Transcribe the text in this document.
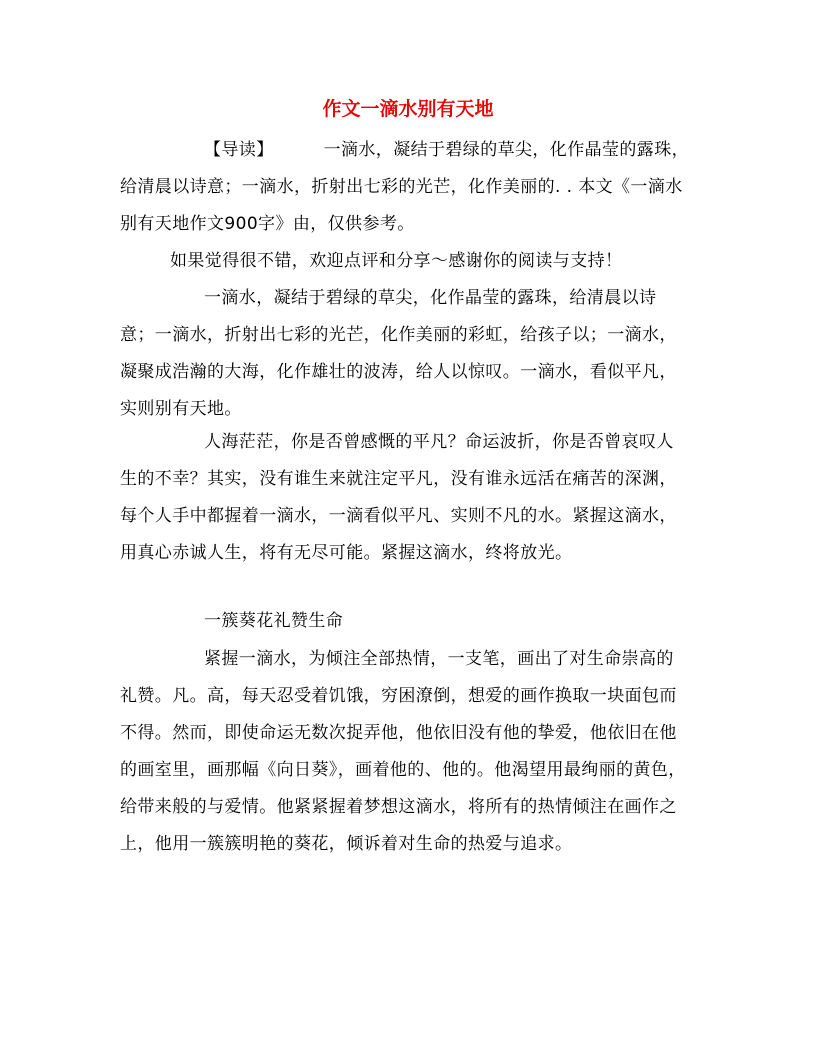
作文一滴水别有天地
【导读】	一滴水，凝结于碧绿的草尖，化作晶莹的露珠，给清晨以诗意；一滴水，折射出七彩的光芒，化作美丽的. . 本文《一滴水别有天地作文900字》由，仅供参考。
如果觉得很不错，欢迎点评和分享～感谢你的阅读与支持！
一滴水，凝结于碧绿的草尖，化作晶莹的露珠，给清晨以诗意；一滴水，折射出七彩的光芒，化作美丽的彩虹，给孩子以；一滴水，凝聚成浩瀚的大海，化作雄壮的波涛，给人以惊叹。一滴水，看似平凡，实则别有天地。
人海茫茫，你是否曾感慨的平凡？命运波折，你是否曾哀叹人生的不幸？其实，没有谁生来就注定平凡，没有谁永远活在痛苦的深渊，每个人手中都握着一滴水，一滴看似平凡、实则不凡的水。紧握这滴水，用真心赤诚人生，将有无尽可能。紧握这滴水，终将放光。
一簇葵花礼赞生命
紧握一滴水，为倾注全部热情，一支笔，画出了对生命崇高的礼赞。凡。高，每天忍受着饥饿，穷困潦倒，想爱的画作换取一块面包而不得。然而，即使命运无数次捉弄他，他依旧没有他的挚爱，他依旧在他的画室里，画那幅《向日葵》，画着他的、他的。他渴望用最绚丽的黄色，给带来般的与爱情。他紧紧握着梦想这滴水，将所有的热情倾注在画作之上，他用一簇簇明艳的葵花，倾诉着对生命的热爱与追求。
